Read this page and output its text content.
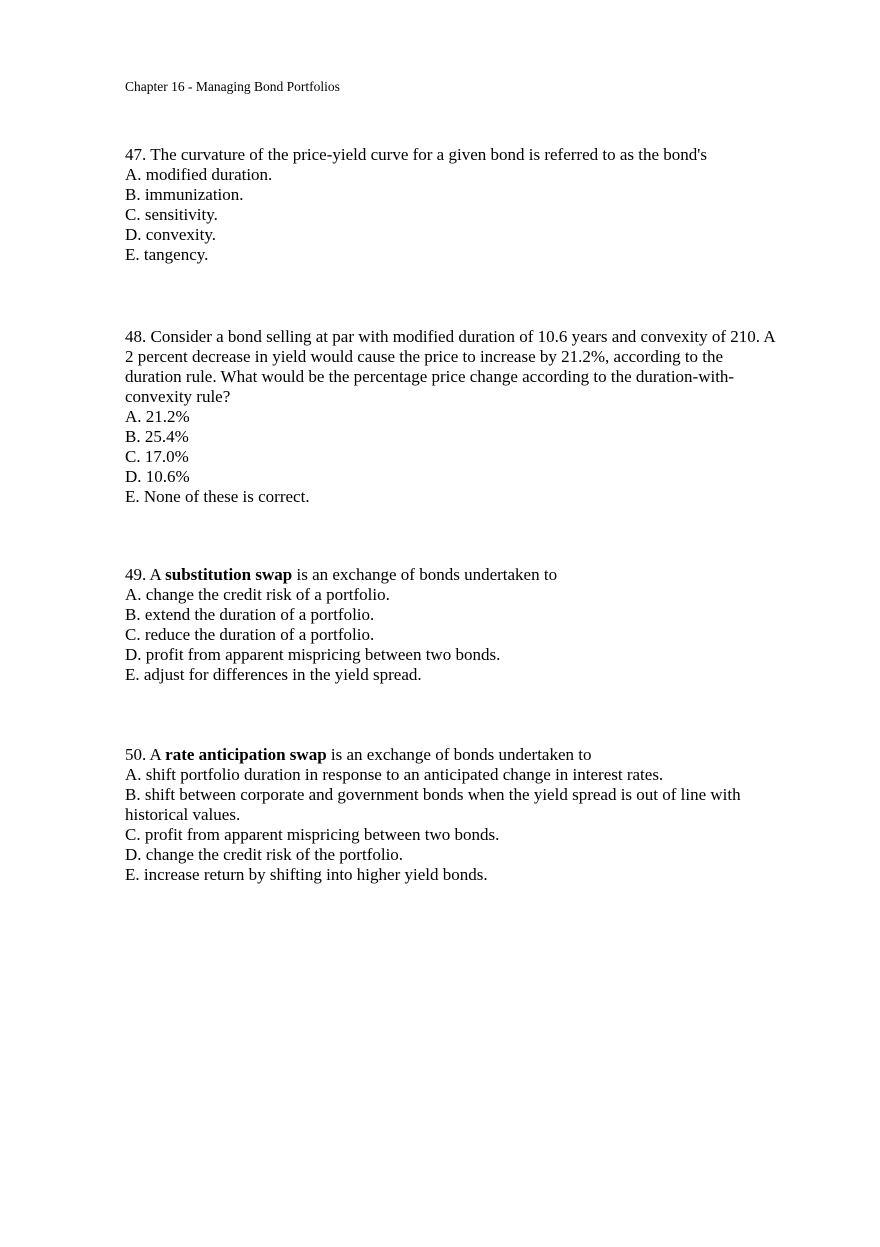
Chapter 16 - Managing Bond Portfolios
47. The curvature of the price-yield curve for a given bond is referred to as the bond's
A. modified duration.
B. immunization.
C. sensitivity.
D. convexity.
E. tangency.
48. Consider a bond selling at par with modified duration of 10.6 years and convexity of 210. A 2 percent decrease in yield would cause the price to increase by 21.2%, according to the duration rule. What would be the percentage price change according to the duration-with-convexity rule?
A. 21.2%
B. 25.4%
C. 17.0%
D. 10.6%
E. None of these is correct.
49. A substitution swap is an exchange of bonds undertaken to
A. change the credit risk of a portfolio.
B. extend the duration of a portfolio.
C. reduce the duration of a portfolio.
D. profit from apparent mispricing between two bonds.
E. adjust for differences in the yield spread.
50. A rate anticipation swap is an exchange of bonds undertaken to
A. shift portfolio duration in response to an anticipated change in interest rates.
B. shift between corporate and government bonds when the yield spread is out of line with historical values.
C. profit from apparent mispricing between two bonds.
D. change the credit risk of the portfolio.
E. increase return by shifting into higher yield bonds.
